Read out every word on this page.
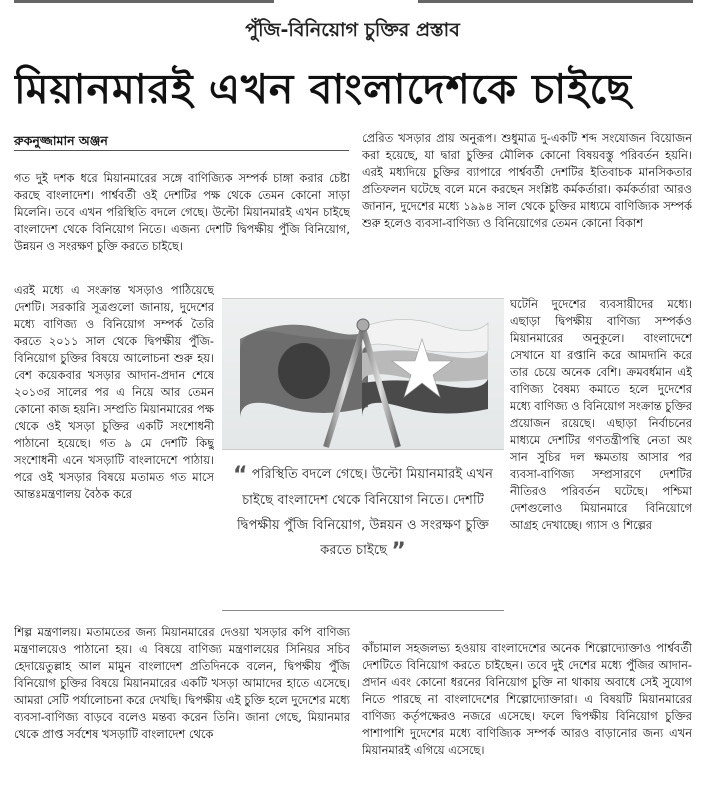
পুঁজি-বিনিয়োগ চুক্তির প্রস্তাব
মিয়ানমারই এখন বাংলাদেশকে চাইছে
রুকনুজ্জামান অঞ্জন
গত দুই দশক ধরে মিয়ানমারের সঙ্গে বাণিজ্যিক সম্পর্ক চাঙ্গা করার চেষ্টা করছে বাংলাদেশ। পার্শ্ববর্তী ওই দেশটির পক্ষ থেকে তেমন কোনো সাড়া মিলেনি। তবে এখন পরিস্থিতি বদলে গেছে। উল্টো মিয়ানমারই এখন চাইছে বাংলাদেশ থেকে বিনিয়োগ নিতে। এজন্য দেশটি দ্বিপক্ষীয় পুঁজি বিনিয়োগ, উন্নয়ন ও সংরক্ষণ চুক্তি করতে চাইছে।
এরই মধ্যে এ সংক্রান্ত খসড়াও পাঠিয়েছে দেশটি। সরকারি সূত্রগুলো জানায়, দুদেশের মধ্যে বাণিজ্য ও বিনিয়োগ সম্পর্ক তৈরি করতে ২০১১ সাল থেকে দ্বিপক্ষীয় পুঁজি-বিনিয়োগ চুক্তির বিষয়ে আলোচনা শুরু হয়। বেশ কয়েকবার খসড়ার আদান-প্রদান শেষে ২০১৩র সালের পর এ নিয়ে আর তেমন কোনো কাজ হয়নি। সম্প্রতি মিয়ানমারের পক্ষ থেকে ওই খসড়া চুক্তির একটি সংশোধনী পাঠানো হয়েছে। গত ৯ মে দেশটি কিছু সংশোধনী এনে খসড়াটি বাংলাদেশে পাঠায়। পরে ওই খসড়ার বিষয়ে মতামত গত মাসে আন্তঃমন্ত্রণালয় বৈঠক করে
শিল্প মন্ত্রণালয়। মতামতের জন্য মিয়ানমারের দেওয়া খসড়ার কপি বাণিজ্য মন্ত্রণালয়েও পাঠানো হয়। এ বিষয়ে বাণিজ্য মন্ত্রণালয়ের সিনিয়র সচিব হেদায়েতুল্লাহ আল মামুন বাংলাদেশ প্রতিদিনকে বলেন, দ্বিপক্ষীয় পুঁজি বিনিয়োগ চুক্তির বিষয়ে মিয়ানমারের একটি খসড়া আমাদের হাতে এসেছে। আমরা সেটি পর্যালোচনা করে দেখছি। দ্বিপক্ষীয় এই চুক্তি হলে দুদেশের মধ্যে ব্যবসা-বাণিজ্য বাড়বে বলেও মন্তব্য করেন তিনি। জানা গেছে, মিয়ানমার থেকে প্রাপ্ত সর্বশেষ খসড়াটি বাংলাদেশ থেকে
প্রেরিত খসড়ার প্রায় অনুরূপ। শুধুমাত্র দু-একটি শব্দ সংযোজন বিয়োজন করা হয়েছে, যা দ্বারা চুক্তির মৌলিক কোনো বিষয়বস্তু পরিবর্তন হয়নি। এরই মধ্যদিয়ে চুক্তির ব্যাপারে পার্শ্ববর্তী দেশটির ইতিবাচক মানসিকতার প্রতিফলন ঘটেছে বলে মনে করছেন সংশ্লিষ্ট কর্মকর্তারা। কর্মকর্তারা আরও জানান, দুদেশের মধ্যে ১৯৯৪ সাল থেকে চুক্তির মাধ্যমে বাণিজ্যিক সম্পর্ক শুরু হলেও ব্যবসা-বাণিজ্য ও বিনিয়োগের তেমন কোনো বিকাশ
ঘটেনি দুদেশের ব্যবসায়ীদের মধ্যে। এছাড়া দ্বিপক্ষীয় বাণিজ্য সম্পর্কও মিয়ানমারের অনুকূলে। বাংলাদেশে সেখানে যা রপ্তানি করে আমদানি করে তার চেয়ে অনেক বেশি। ক্রমবর্ধমান এই বাণিজ্য বৈষম্য কমাতে হলে দুদেশের মধ্যে বাণিজ্য ও বিনিয়োগ সংক্রান্ত চুক্তির প্রয়োজন রয়েছে। এছাড়া নির্বাচনের মাধ্যমে দেশটির গণতন্ত্রীপন্থি নেতা অং সান সুচির দল ক্ষমতায় আসার পর ব্যবসা-বাণিজ্য সম্প্রসারণে দেশটির নীতিরও পরিবর্তন ঘটেছে। পশ্চিমা দেশগুলোও মিয়ানমারে বিনিয়োগে আগ্রহ দেখাচ্ছে। গ্যাস ও শিল্পের
কাঁচামাল সহজলভ্য হওয়ায় বাংলাদেশের অনেক শিল্পোদ্যোক্তাও পার্শ্ববর্তী দেশটিতে বিনিয়োগ করতে চাইছেন। তবে দুই দেশের মধ্যে পুঁজির আদান-প্রদান এবং কোনো ধরনের বিনিয়োগ চুক্তি না থাকায় অবাধে সেই সুযোগ নিতে পারছে না বাংলাদেশের শিল্পোদ্যোক্তারা। এ বিষয়টি মিয়ানমারের বাণিজ্য কর্তৃপক্ষেরও নজরে এসেছে। ফলে দ্বিপক্ষীয় বিনিয়োগ চুক্তির পাশাপাশি দুদেশের মধ্যে বাণিজ্যিক সম্পর্ক আরও বাড়ানোর জন্য এখন মিয়ানমারই এগিয়ে এসেছে।
“ পরিস্থিতি বদলে গেছে। উল্টো মিয়ানমারই এখন চাইছে বাংলাদেশ থেকে বিনিয়োগ নিতে। দেশটি দ্বিপক্ষীয় পুঁজি বিনিয়োগ, উন্নয়ন ও সংরক্ষণ চুক্তি করতে চাইছে ”
